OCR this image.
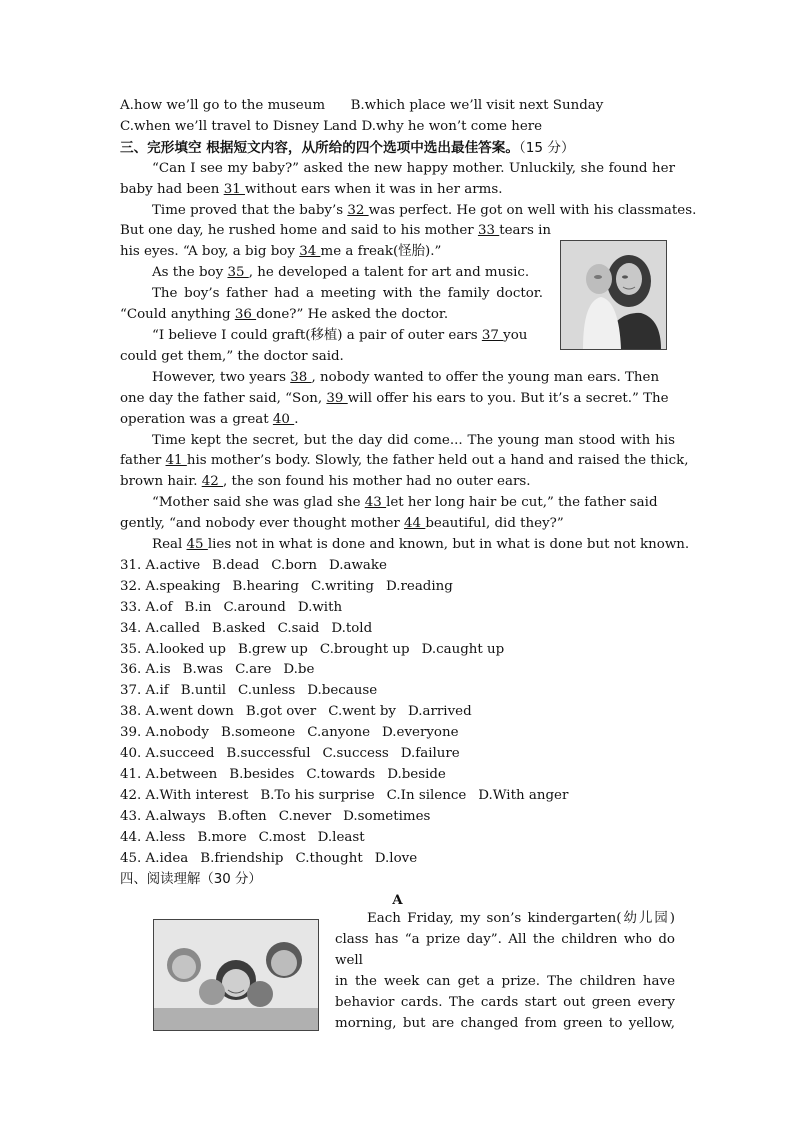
A.how we’ll go to the museum B.which place we’ll visit next Sunday
C.when we’ll travel to Disney Land D.why he won’t come here
三、完形填空 根据短文内容，从所给的四个选项中选出最佳答案。（15 分）
“Can I see my baby?” asked the new happy mother. Unluckily, she found her
baby had been 31 without ears when it was in her arms.
Time proved that the baby’s 32 was perfect. He got on well with his classmates.
But one day, he rushed home and said to his mother 33 tears in
his eyes. “A boy, a big boy 34 me a freak(怪胎).”
As the boy 35 , he developed a talent for art and music.
The boy’s father had a meeting with the family doctor.
“Could anything 36 done?” He asked the doctor.
“I believe I could graft(移植) a pair of outer ears 37 you
could get them,” the doctor said.
However, two years 38 , nobody wanted to offer the young man ears. Then
one day the father said, “Son, 39 will offer his ears to you. But it’s a secret.” The
operation was a great 40 .
Time kept the secret, but the day did come... The young man stood with his
father 41 his mother’s body. Slowly, the father held out a hand and raised the thick,
brown hair. 42 , the son found his mother had no outer ears.
“Mother said she was glad she 43 let her long hair be cut,” the father said
gently, “and nobody ever thought mother 44 beautiful, did they?”
Real 45 lies not in what is done and known, but in what is done but not known.
31. A.active B.dead C.born D.awake
32. A.speaking B.hearing C.writing D.reading
33. A.of B.in C.around D.with
34. A.called B.asked C.said D.told
35. A.looked up B.grew up C.brought up D.caught up
36. A.is B.was C.are D.be
37. A.if B.until C.unless D.because
38. A.went down B.got over C.went by D.arrived
39. A.nobody B.someone C.anyone D.everyone
40. A.succeed B.successful C.success D.failure
41. A.between B.besides C.towards D.beside
42. A.With interest B.To his surprise C.In silence D.With anger
43. A.always B.often C.never D.sometimes
44. A.less B.more C.most D.least
45. A.idea B.friendship C.thought D.love
四、阅读理解（30 分）
A
Each Friday, my son’s kindergarten(幼儿园)
class has “a prize day”. All the children who do well
in the week can get a prize. The children have
behavior cards. The cards start out green every
morning, but are changed from green to yellow,
